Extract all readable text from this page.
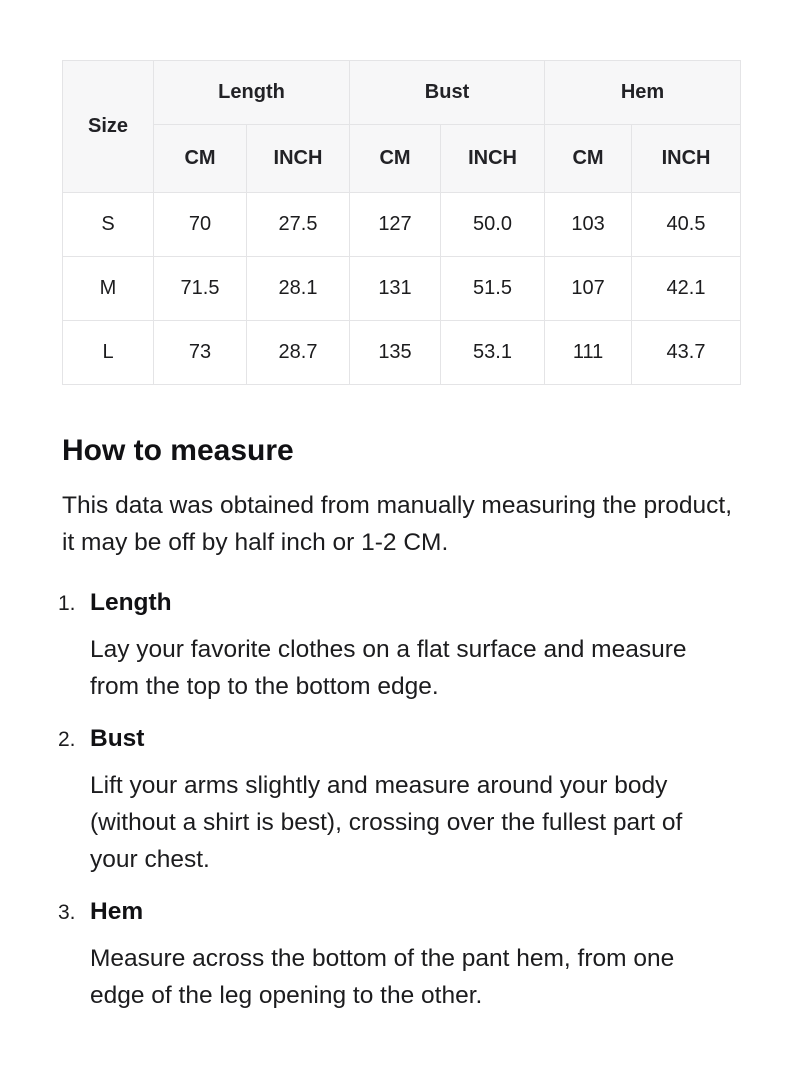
Size	Length		Bust		Hem	
	CM	INCH	CM	INCH	CM	INCH
S	70	27.5	127	50.0	103	40.5
M	71.5	28.1	131	51.5	107	42.1
L	73	28.7	135	53.1	111	43.7
How to measure

This data was obtained from manually measuring the product, it may be off by half inch or 1-2 CM.

1. Length

Lay your favorite clothes on a flat surface and measure from the top to the bottom edge.

2. Bust

Lift your arms slightly and measure around your body (without a shirt is best), crossing over the fullest part of your chest.

3. Hem

Measure across the bottom of the pant hem, from one edge of the leg opening to the other.
